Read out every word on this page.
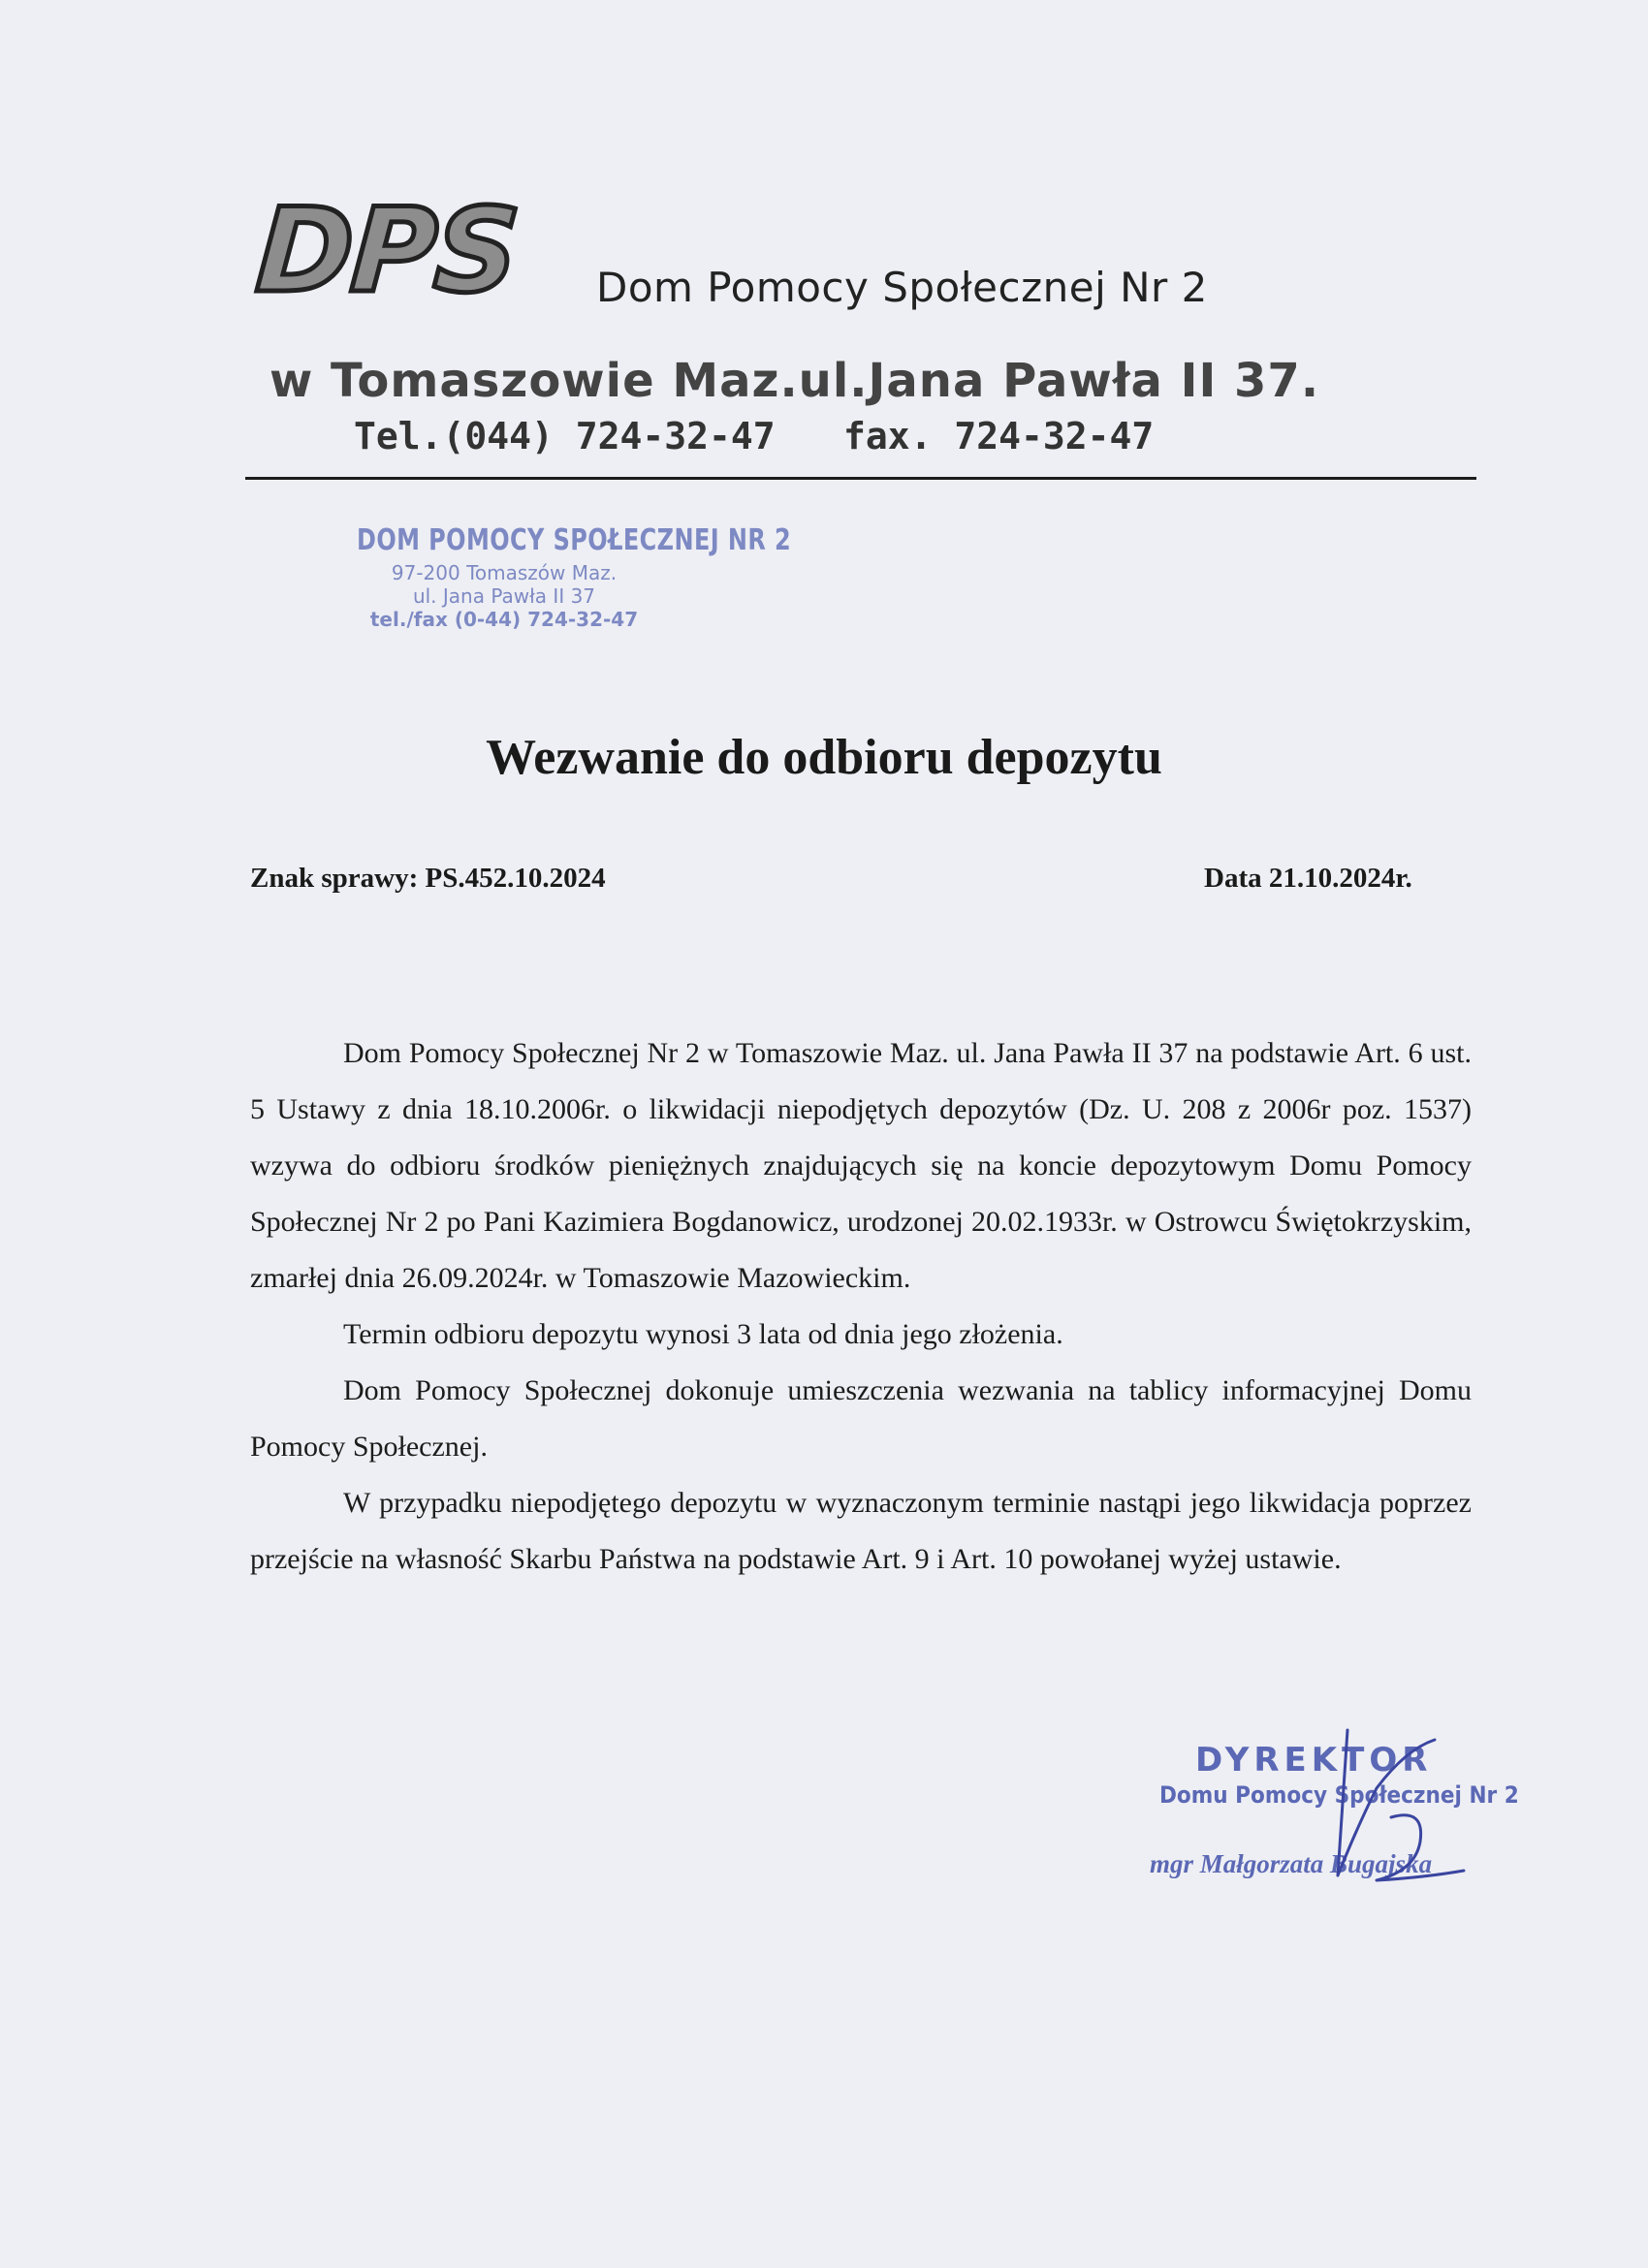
DPS Dom Pomocy Społecznej Nr 2
w Tomaszowie Maz.ul.Jana Pawła II 37.
Tel.(044) 724-32-47 fax. 724-32-47
DOM POMOCY SPOŁECZNEJ NR 2
97-200 Tomaszów Maz.
ul. Jana Pawła II 37
tel./fax (0-44) 724-32-47
Wezwanie do odbioru depozytu
Znak sprawy: PS.452.10.2024	Data 21.10.2024r.

Dom Pomocy Społecznej Nr 2 w Tomaszowie Maz. ul. Jana Pawła II 37 na podstawie Art. 6 ust. 5 Ustawy z dnia 18.10.2006r. o likwidacji niepodjętych depozytów (Dz. U. 208 z 2006r poz. 1537) wzywa do odbioru środków pieniężnych znajdujących się na koncie depozytowym Domu Pomocy Społecznej Nr 2 po Pani Kazimiera Bogdanowicz, urodzonej 20.02.1933r. w Ostrowcu Świętokrzyskim, zmarłej dnia 26.09.2024r. w Tomaszowie Mazowieckim.

Termin odbioru depozytu wynosi 3 lata od dnia jego złożenia.

Dom Pomocy Społecznej dokonuje umieszczenia wezwania na tablicy informacyjnej Domu Pomocy Społecznej.

W przypadku niepodjętego depozytu w wyznaczonym terminie nastąpi jego likwidacja poprzez przejście na własność Skarbu Państwa na podstawie Art. 9 i Art. 10 powołanej wyżej ustawie.

DYREKTOR
Domu Pomocy Społecznej Nr 2
mgr Małgorzata Bugajska
